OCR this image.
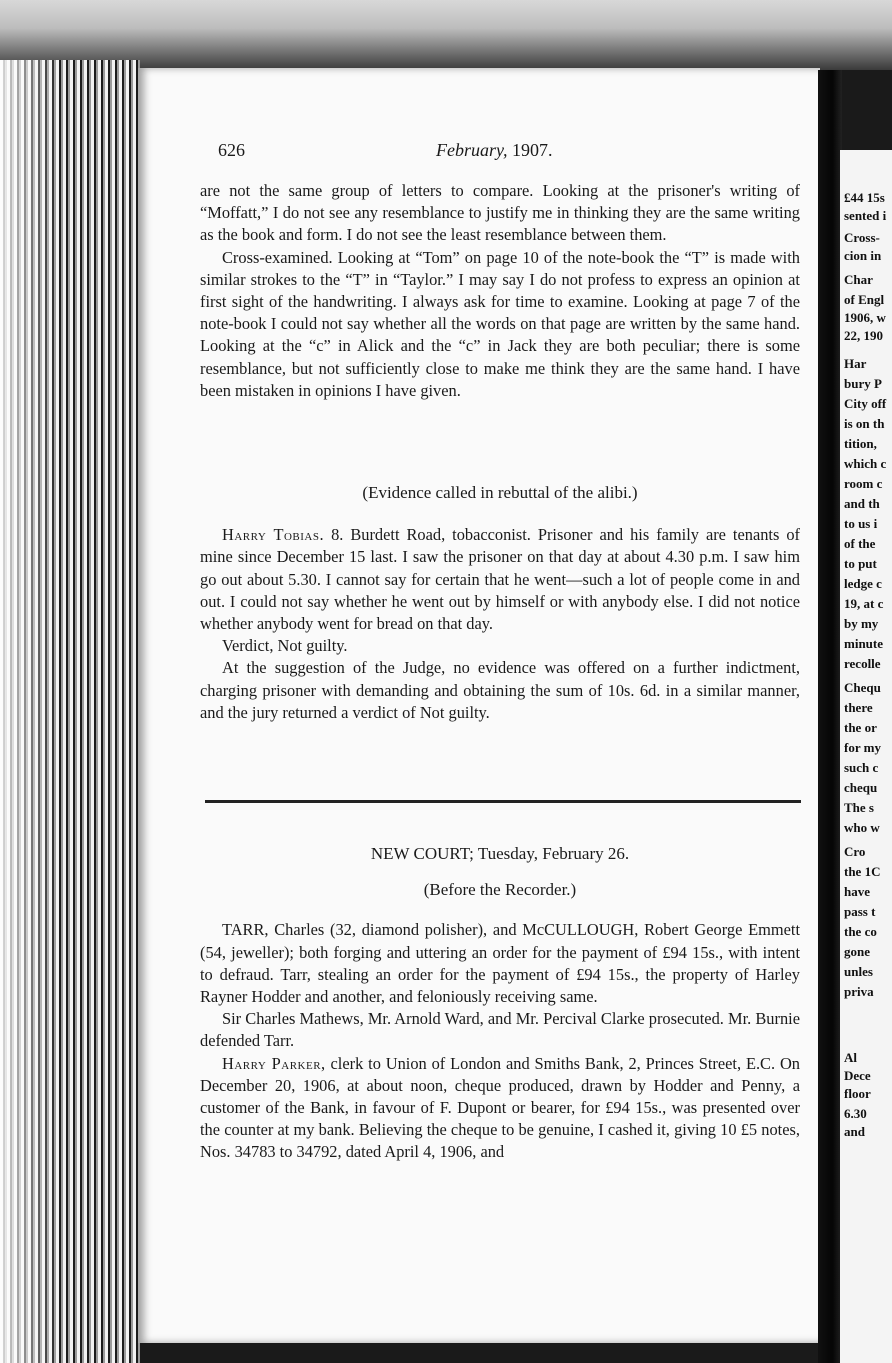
626	February, 1907.

are not the same group of letters to compare. Looking at the prisoner's writing of “Moffatt,” I do not see any resemblance to justify me in thinking they are the same writing as the book and form. I do not see the least resemblance between them.

Cross-examined. Looking at “Tom” on page 10 of the note-book the “T” is made with similar strokes to the “T” in “Taylor.” I may say I do not profess to express an opinion at first sight of the handwriting. I always ask for time to examine. Looking at page 7 of the note-book I could not say whether all the words on that page are written by the same hand. Looking at the “c” in Alick and the “c” in Jack they are both peculiar; there is some resemblance, but not sufficiently close to make me think they are the same hand. I have been mistaken in opinions I have given.

(Evidence called in rebuttal of the alibi.)

Harry Tobias. 8. Burdett Road, tobacconist. Prisoner and his family are tenants of mine since December 15 last. I saw the prisoner on that day at about 4.30 p.m. I saw him go out about 5.30. I cannot say for certain that he went—such a lot of people come in and out. I could not say whether he went out by himself or with anybody else. I did not notice whether anybody went for bread on that day.

Verdict, Not guilty.

At the suggestion of the Judge, no evidence was offered on a further indictment, charging prisoner with demanding and obtaining the sum of 10s. 6d. in a similar manner, and the jury returned a verdict of Not guilty.

NEW COURT; Tuesday, February 26.

(Before the Recorder.)

TARR, Charles (32, diamond polisher), and McCULLOUGH, Robert George Emmett (54, jeweller); both forging and uttering an order for the payment of £94 15s., with intent to defraud. Tarr, stealing an order for the payment of £94 15s., the property of Harley Rayner Hodder and another, and feloniously receiving same.

Sir Charles Mathews, Mr. Arnold Ward, and Mr. Percival Clarke prosecuted. Mr. Burnie defended Tarr.

Harry Parker, clerk to Union of London and Smiths Bank, 2, Princes Street, E.C. On December 20, 1906, at about noon, cheque produced, drawn by Hodder and Penny, a customer of the Bank, in favour of F. Dupont or bearer, for £94 15s., was presented over the counter at my bank. Believing the cheque to be genuine, I cashed it, giving 10 £5 notes, Nos. 34783 to 34792, dated April 4, 1906, and

£44 15s
sented i
Cross-
cion in
Char
of Engl
1906, w
22, 190
Har
bury P
City off
is on th
tition,
which c
room c
and th
to us i
of the
to put
ledge c
19, at c
by my
minute
recolle
Chequ
there
the or
for my
such c
chequ
The s
who w
Cro
the 1C
have
pass t
the co
gone
unles
priva
Al
Dece
floor
6.30
and
